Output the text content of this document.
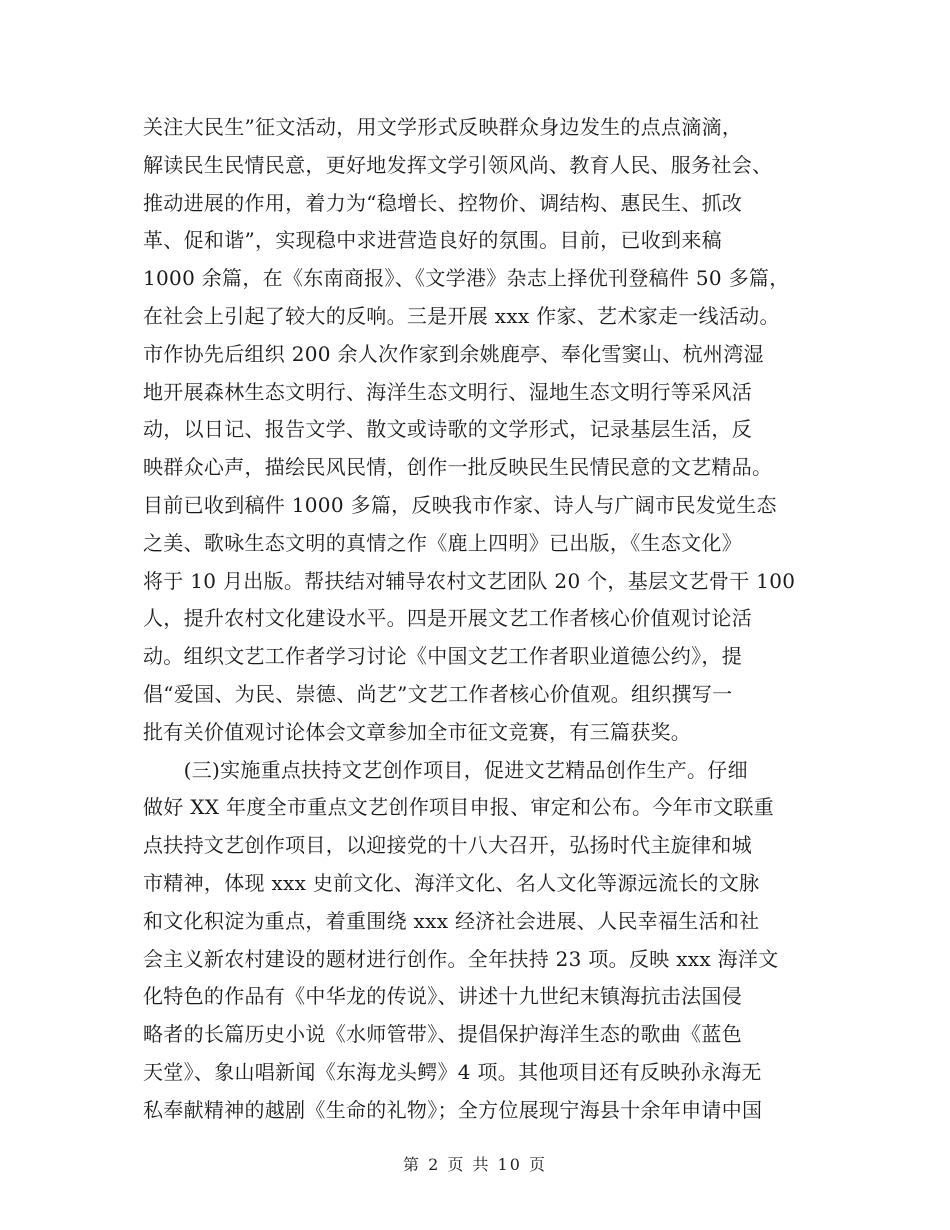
关注大民生”征文活动，用文学形式反映群众身边发生的点点滴滴，
解读民生民情民意，更好地发挥文学引领风尚、教育人民、服务社会、
推动进展的作用，着力为“稳增长、控物价、调结构、惠民生、抓改
革、促和谐”，实现稳中求进营造良好的氛围。目前，已收到来稿
1000 余篇，在《东南商报》、《文学港》杂志上择优刊登稿件 50 多篇，
在社会上引起了较大的反响。三是开展 xxx 作家、艺术家走一线活动。
市作协先后组织 200 余人次作家到余姚鹿亭、奉化雪窦山、杭州湾湿
地开展森林生态文明行、海洋生态文明行、湿地生态文明行等采风活
动，以日记、报告文学、散文或诗歌的文学形式，记录基层生活，反
映群众心声，描绘民风民情，创作一批反映民生民情民意的文艺精品。
目前已收到稿件 1000 多篇，反映我市作家、诗人与广阔市民发觉生态
之美、歌咏生态文明的真情之作《鹿上四明》已出版，《生态文化》
将于 10 月出版。帮扶结对辅导农村文艺团队 20 个，基层文艺骨干 100
人，提升农村文化建设水平。四是开展文艺工作者核心价值观讨论活
动。组织文艺工作者学习讨论《中国文艺工作者职业道德公约》，提
倡“爱国、为民、崇德、尚艺”文艺工作者核心价值观。组织撰写一
批有关价值观讨论体会文章参加全市征文竞赛，有三篇获奖。
　　(三)实施重点扶持文艺创作项目，促进文艺精品创作生产。仔细
做好 XX 年度全市重点文艺创作项目申报、审定和公布。今年市文联重
点扶持文艺创作项目，以迎接党的十八大召开，弘扬时代主旋律和城
市精神，体现 xxx 史前文化、海洋文化、名人文化等源远流长的文脉
和文化积淀为重点，着重围绕 xxx 经济社会进展、人民幸福生活和社
会主义新农村建设的题材进行创作。全年扶持 23 项。反映 xxx 海洋文
化特色的作品有《中华龙的传说》、讲述十九世纪末镇海抗击法国侵
略者的长篇历史小说《水师管带》、提倡保护海洋生态的歌曲《蓝色
天堂》、象山唱新闻《东海龙头鳄》4 项。其他项目还有反映孙永海无
私奉献精神的越剧《生命的礼物》；全方位展现宁海县十余年申请中国
第 2 页 共 10 页
